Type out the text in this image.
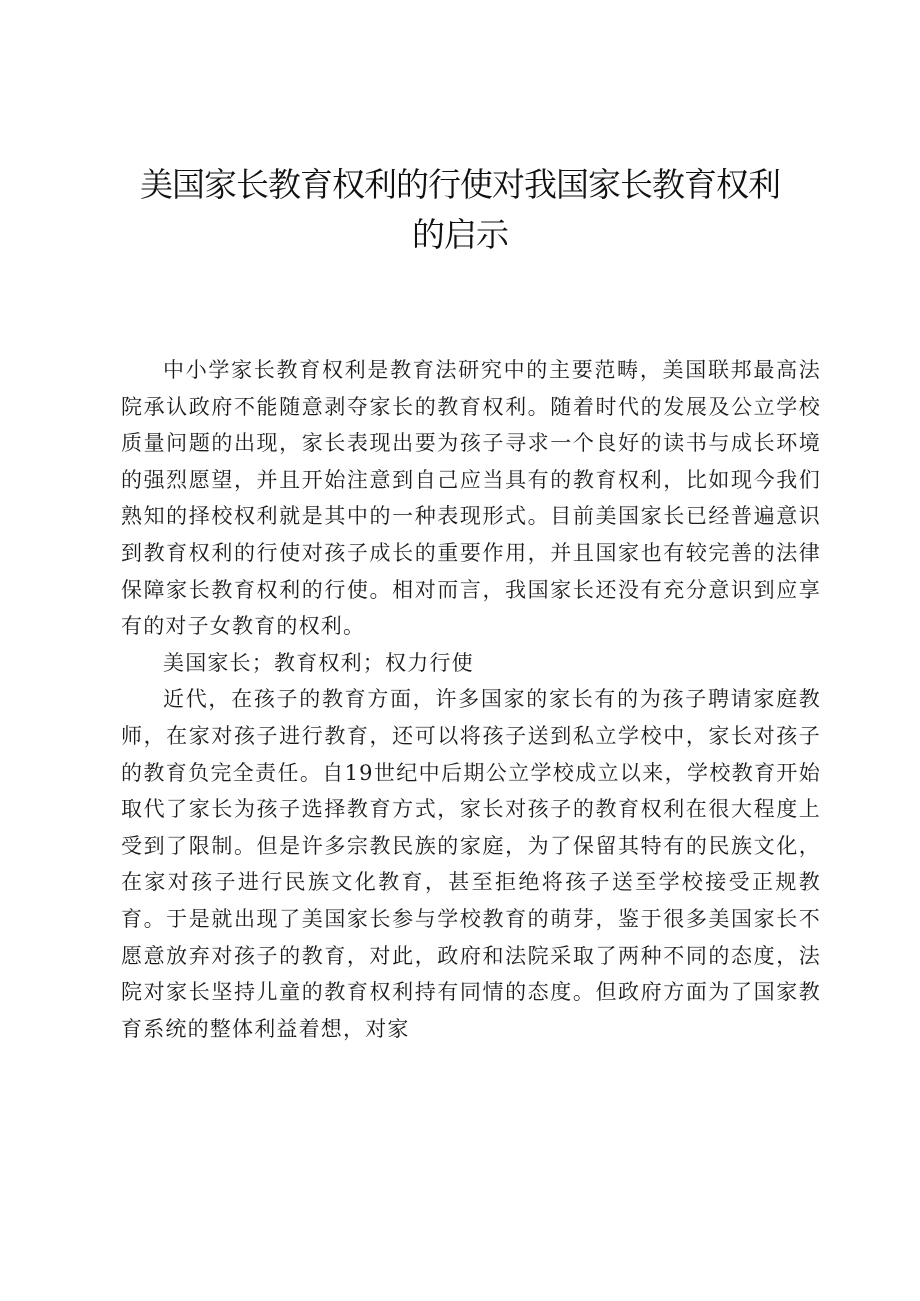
美国家长教育权利的行使对我国家长教育权利
的启示

中小学家长教育权利是教育法研究中的主要范畴，美国联邦最高法院承认政府不能随意剥夺家长的教育权利。随着时代的发展及公立学校质量问题的出现，家长表现出要为孩子寻求一个良好的读书与成长环境的强烈愿望，并且开始注意到自己应当具有的教育权利，比如现今我们熟知的择校权利就是其中的一种表现形式。目前美国家长已经普遍意识到教育权利的行使对孩子成长的重要作用，并且国家也有较完善的法律保障家长教育权利的行使。相对而言，我国家长还没有充分意识到应享有的对子女教育的权利。

美国家长；教育权利；权力行使

近代，在孩子的教育方面，许多国家的家长有的为孩子聘请家庭教师，在家对孩子进行教育，还可以将孩子送到私立学校中，家长对孩子的教育负完全责任。自19世纪中后期公立学校成立以来，学校教育开始取代了家长为孩子选择教育方式，家长对孩子的教育权利在很大程度上受到了限制。但是许多宗教民族的家庭，为了保留其特有的民族文化，在家对孩子进行民族文化教育，甚至拒绝将孩子送至学校接受正规教育。于是就出现了美国家长参与学校教育的萌芽，鉴于很多美国家长不愿意放弃对孩子的教育，对此，政府和法院采取了两种不同的态度，法院对家长坚持儿童的教育权利持有同情的态度。但政府方面为了国家教育系统的整体利益着想，对家
